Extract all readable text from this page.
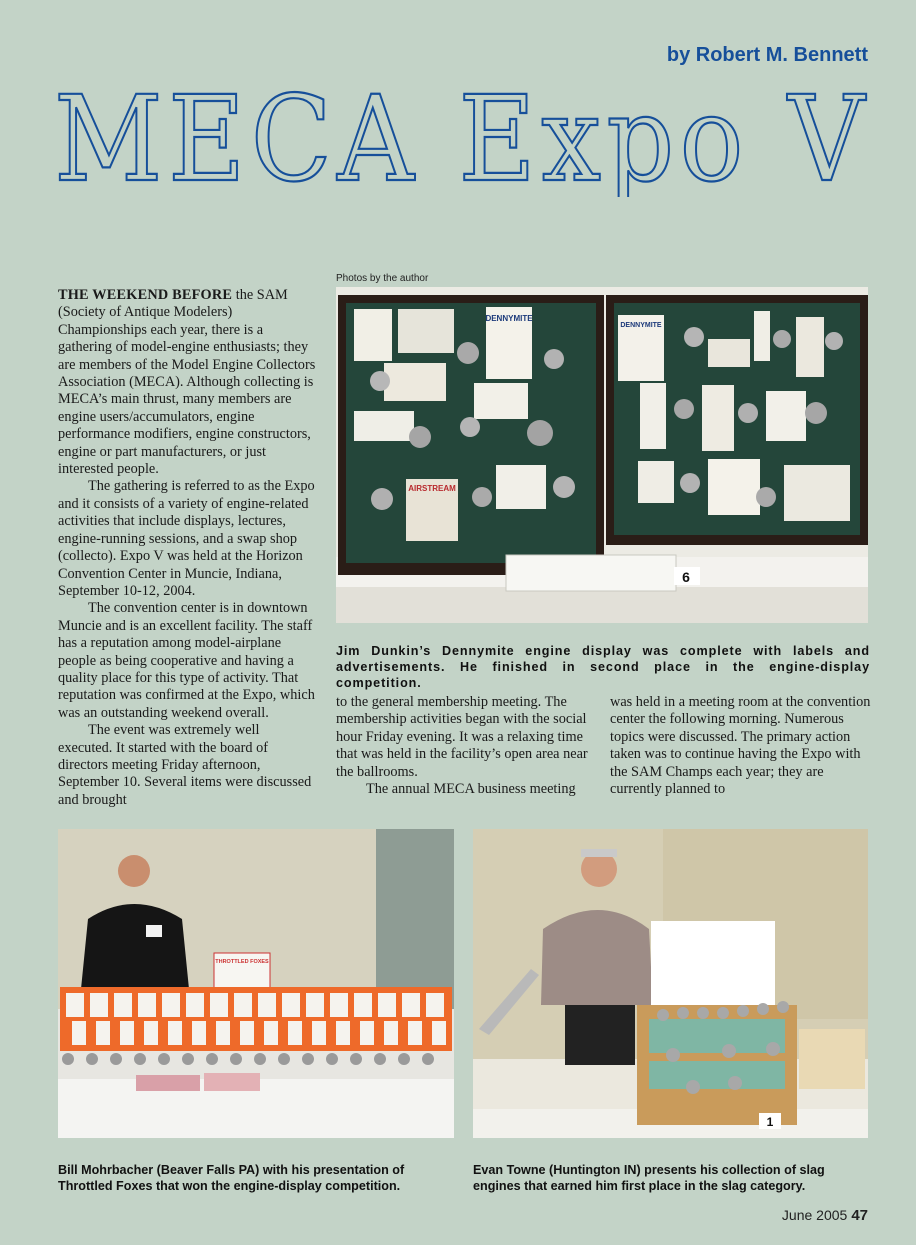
by Robert M. Bennett
MECA Expo V

THE WEEKEND BEFORE the SAM (Society of Antique Modelers) Championships each year, there is a gathering of model-engine enthusiasts; they are members of the Model Engine Collectors Association (MECA). Although collecting is MECA’s main thrust, many members are engine users/accumulators, engine performance modifiers, engine constructors, engine or part manufacturers, or just interested people.

The gathering is referred to as the Expo and it consists of a variety of engine-related activities that include displays, lectures, engine-running sessions, and a swap shop (collecto). Expo V was held at the Horizon Convention Center in Muncie, Indiana, September 10-12, 2004.

The convention center is in downtown Muncie and is an excellent facility. The staff has a reputation among model-airplane people as being cooperative and having a quality place for this type of activity. That reputation was confirmed at the Expo, which was an outstanding weekend overall.

The event was extremely well executed. It started with the board of directors meeting Friday afternoon, September 10. Several items were discussed and brought

Photos by the author
DENNYMITE
AIRSTREAM
DENNYMITE
6
Jim Dunkin’s Dennymite engine display was complete with labels and advertisements. He finished in second place in the engine-display competition.

to the general membership meeting. The membership activities began with the social hour Friday evening. It was a relaxing time that was held in the facility’s open area near the ballrooms.

The annual MECA business meeting

was held in a meeting room at the convention center the following morning. Numerous topics were discussed. The primary action taken was to continue having the Expo with the SAM Champs each year; they are currently planned to

THROTTLED FOXES
1
Bill Mohrbacher (Beaver Falls PA) with his presentation of Throttled Foxes that won the engine-display competition.
Evan Towne (Huntington IN) presents his collection of slag engines that earned him first place in the slag category.
June 2005 47
